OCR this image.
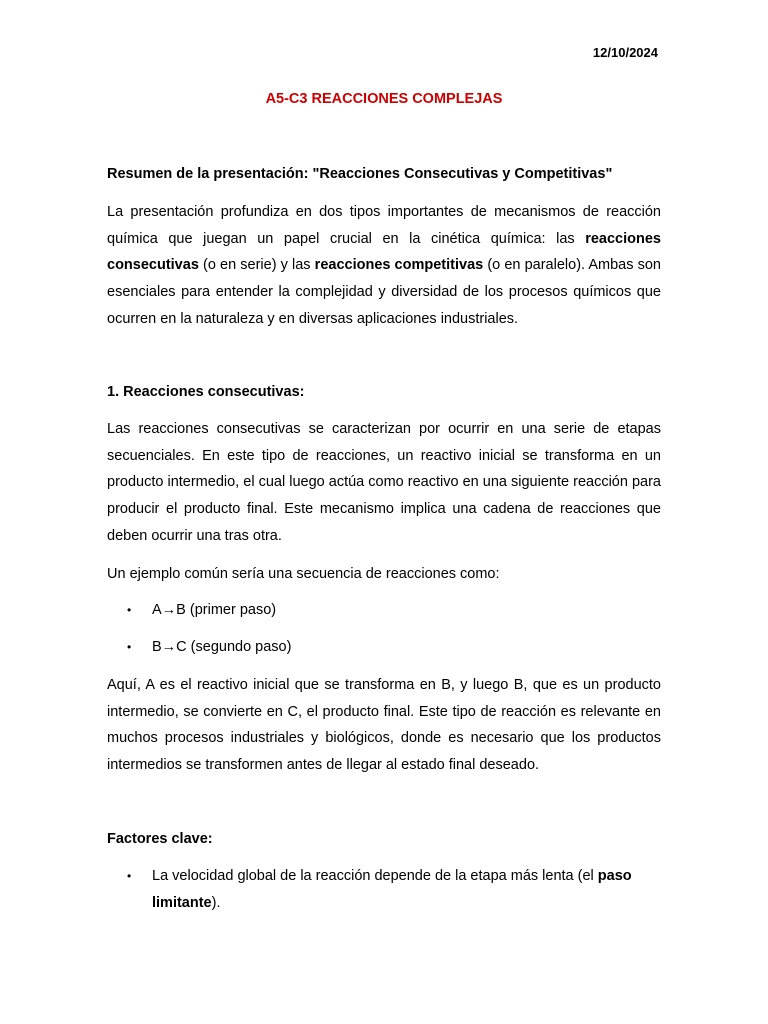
12/10/2024
A5-C3 REACCIONES COMPLEJAS

Resumen de la presentación: "Reacciones Consecutivas y Competitivas"

La presentación profundiza en dos tipos importantes de mecanismos de reacción química que juegan un papel crucial en la cinética química: las reacciones consecutivas (o en serie) y las reacciones competitivas (o en paralelo). Ambas son esenciales para entender la complejidad y diversidad de los procesos químicos que ocurren en la naturaleza y en diversas aplicaciones industriales.

1. Reacciones consecutivas:

Las reacciones consecutivas se caracterizan por ocurrir en una serie de etapas secuenciales. En este tipo de reacciones, un reactivo inicial se transforma en un producto intermedio, el cual luego actúa como reactivo en una siguiente reacción para producir el producto final. Este mecanismo implica una cadena de reacciones que deben ocurrir una tras otra.

Un ejemplo común sería una secuencia de reacciones como:

• A→B (primer paso)

• B→C (segundo paso)

Aquí, A es el reactivo inicial que se transforma en B, y luego B, que es un producto intermedio, se convierte en C, el producto final. Este tipo de reacción es relevante en muchos procesos industriales y biológicos, donde es necesario que los productos intermedios se transformen antes de llegar al estado final deseado.

Factores clave:

• La velocidad global de la reacción depende de la etapa más lenta (el paso limitante).
